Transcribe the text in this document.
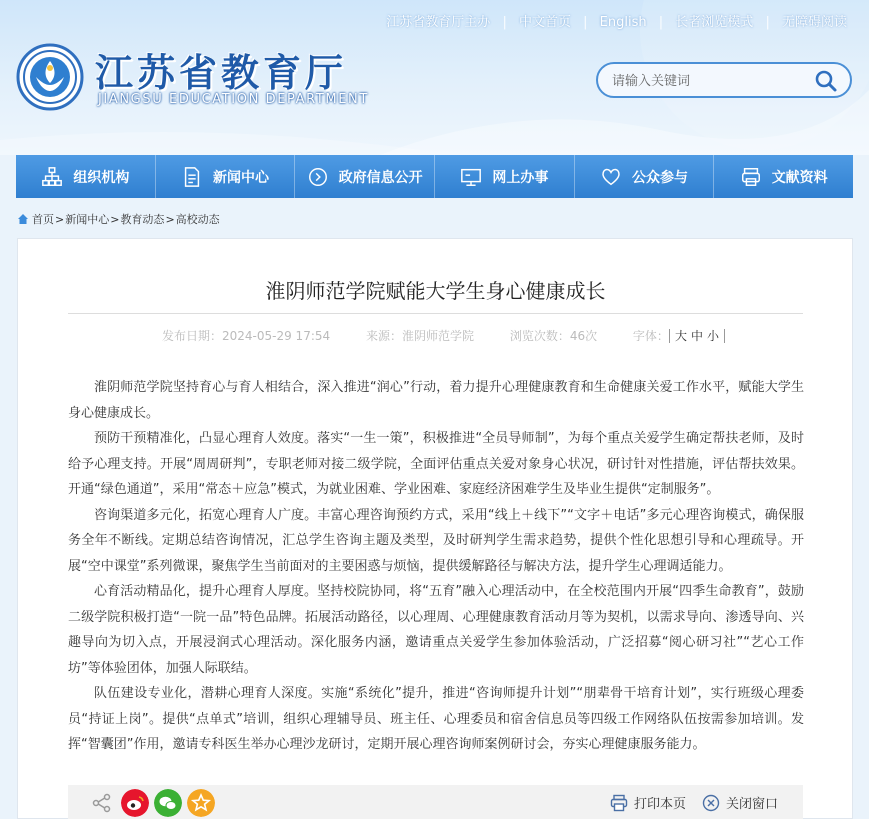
江苏省教育厅主办 | 中文首页 | English | 长者浏览模式 | 无障碍阅读
江苏省教育厅
JIANGSU EDUCATION DEPARTMENT
请输入关键词
组织机构	新闻中心	政府信息公开	网上办事	公众参与	文献资料
首页 > 新闻中心 > 教育动态 > 高校动态
淮阴师范学院赋能大学生身心健康成长
发布日期：2024-05-29 17:54	来源：淮阴师范学院	浏览次数：46次	字体： 大 中 小

淮阴师范学院坚持育心与育人相结合，深入推进“润心”行动，着力提升心理健康教育和生命健康关爱工作水平，赋能大学生身心健康成长。

预防干预精准化，凸显心理育人效度。落实“一生一策”，积极推进“全员导师制”，为每个重点关爱学生确定帮扶老师，及时给予心理支持。开展“周周研判”，专职老师对接二级学院，全面评估重点关爱对象身心状况，研讨针对性措施，评估帮扶效果。开通“绿色通道”，采用“常态＋应急”模式，为就业困难、学业困难、家庭经济困难学生及毕业生提供“定制服务”。

咨询渠道多元化，拓宽心理育人广度。丰富心理咨询预约方式，采用“线上＋线下”“文字＋电话”多元心理咨询模式，确保服务全年不断线。定期总结咨询情况，汇总学生咨询主题及类型，及时研判学生需求趋势，提供个性化思想引导和心理疏导。开展“空中课堂”系列微课，聚焦学生当前面对的主要困惑与烦恼，提供缓解路径与解决方法，提升学生心理调适能力。

心育活动精品化，提升心理育人厚度。坚持校院协同，将“五育”融入心理活动中，在全校范围内开展“四季生命教育”，鼓励二级学院积极打造“一院一品”特色品牌。拓展活动路径，以心理周、心理健康教育活动月等为契机，以需求导向、渗透导向、兴趣导向为切入点，开展浸润式心理活动。深化服务内涵，邀请重点关爱学生参加体验活动，广泛招募“阅心研习社”“艺心工作坊”等体验团体，加强人际联结。

队伍建设专业化，潜耕心理育人深度。实施“系统化”提升，推进“咨询师提升计划”“朋辈骨干培育计划”，实行班级心理委员“持证上岗”。提供“点单式”培训，组织心理辅导员、班主任、心理委员和宿舍信息员等四级工作网络队伍按需参加培训。发挥“智囊团”作用，邀请专科医生举办心理沙龙研讨，定期开展心理咨询师案例研讨会，夯实心理健康服务能力。

打印本页	关闭窗口
